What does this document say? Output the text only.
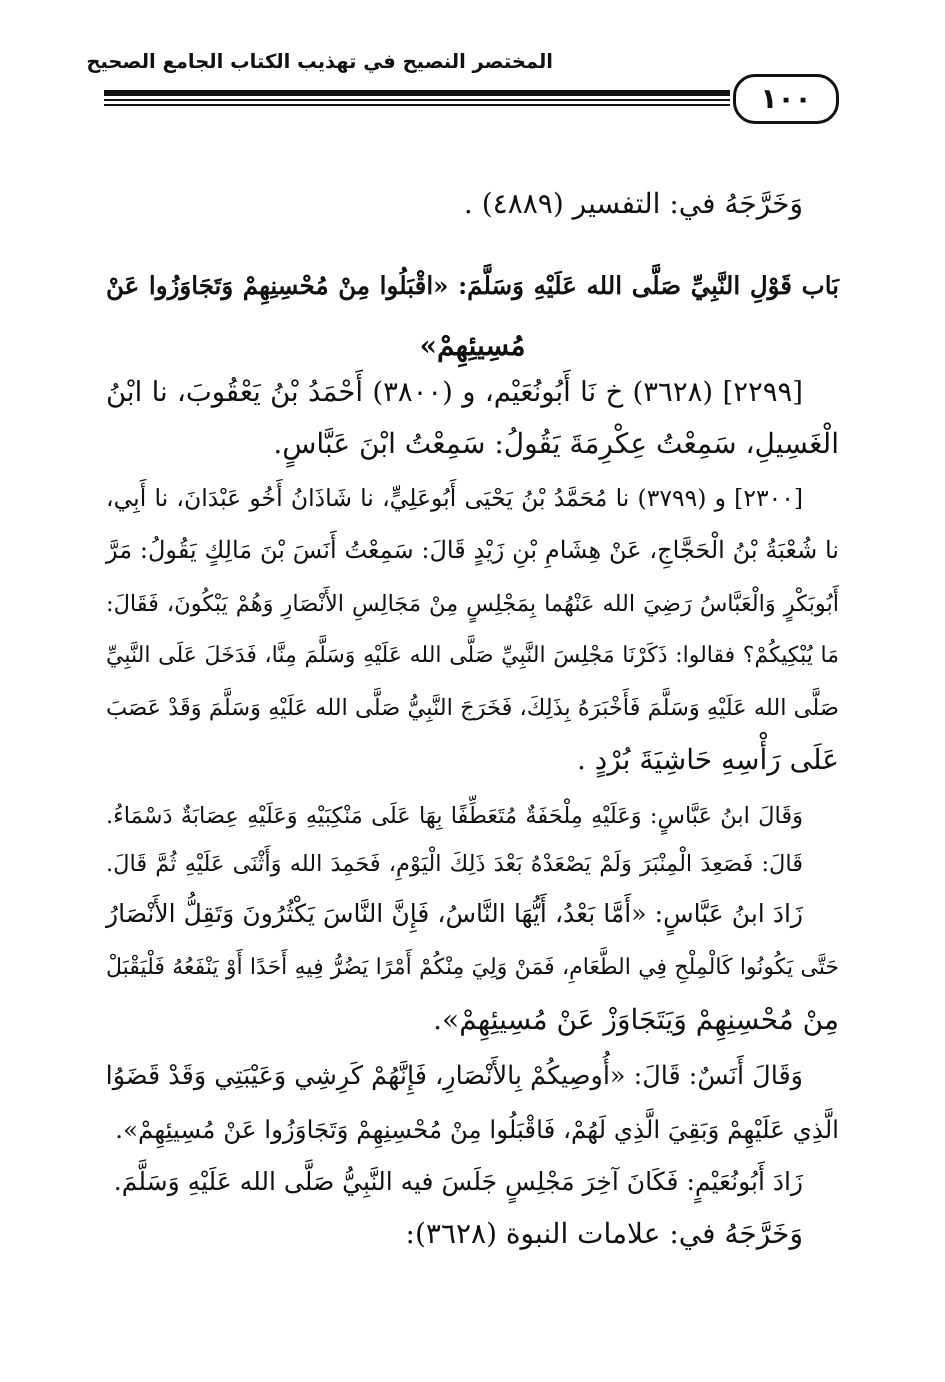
المختصر النصيح في تهذيب الكتاب الجامع الصحيح
١٠٠
وَخَرَّجَهُ في: التفسير (٤٨٨٩) .
بَاب قَوْلِ النَّبِيِّ صَلَّى الله عَلَيْهِ وَسَلَّمَ: «اقْبَلُوا مِنْ مُحْسِنِهِمْ وَتَجَاوَزُوا عَنْ
مُسِيئِهِمْ»
[٢٢٩٩] (٣٦٢٨) خ نَا أَبُونُعَيْم، و (٣٨٠٠) أَحْمَدُ بْنُ يَعْقُوبَ، نا ابْنُ
الْغَسِيلِ، سَمِعْتُ عِكْرِمَةَ يَقُولُ: سَمِعْتُ ابْنَ عَبَّاسٍ.
[٢٣٠٠] و (٣٧٩٩) نا مُحَمَّدُ بْنُ يَحْيَى أَبُوعَلِيٍّ، نا شَاذَانُ أَخُو عَبْدَانَ، نا أَبِي،
نا شُعْبَةُ بْنُ الْحَجَّاجِ، عَنْ هِشَامِ بْنِ زَيْدٍ قَالَ: سَمِعْتُ أَنَسَ بْنَ مَالِكٍ يَقُولُ: مَرَّ
أَبُوبَكْرٍ وَالْعَبَّاسُ رَضِيَ الله عَنْهُما بِمَجْلِسٍ مِنْ مَجَالِسِ الأَنْصَارِ وَهُمْ يَبْكُونَ، فَقَالَ:
مَا يُبْكِيكُمْ؟ فقالوا: ذَكَرْنَا مَجْلِسَ النَّبِيِّ صَلَّى الله عَلَيْهِ وَسَلَّمَ مِنَّا، فَدَخَلَ عَلَى النَّبِيِّ
صَلَّى الله عَلَيْهِ وَسَلَّمَ فَأَخْبَرَهُ بِذَلِكَ، فَخَرَجَ النَّبِيُّ صَلَّى الله عَلَيْهِ وَسَلَّمَ وَقَدْ عَصَبَ
عَلَى رَأْسِهِ حَاشِيَةَ بُرْدٍ .
وَقَالَ ابنُ عَبَّاسٍ: وَعَلَيْهِ مِلْحَفَةٌ مُتَعَطِّفًا بِهَا عَلَى مَنْكِبَيْهِ وَعَلَيْهِ عِصَابَةٌ دَسْمَاءُ.
قَالَ: فَصَعِدَ الْمِنْبَرَ وَلَمْ يَصْعَدْهُ بَعْدَ ذَلِكَ الْيَوْمِ، فَحَمِدَ الله وَأَثْنَى عَلَيْهِ ثُمَّ قَالَ.
زَادَ ابنُ عَبَّاسٍ: «أَمَّا بَعْدُ، أَيُّهَا النَّاسُ، فَإِنَّ النَّاسَ يَكْثُرُونَ وَتَقِلُّ الأَنْصَارُ
حَتَّى يَكُونُوا كَالْمِلْحِ فِي الطَّعَامِ، فَمَنْ وَلِيَ مِنْكُمْ أَمْرًا يَضُرُّ فِيهِ أَحَدًا أَوْ يَنْفَعُهُ فَلْيَقْبَلْ
مِنْ مُحْسِنِهِمْ وَيَتَجَاوَزْ عَنْ مُسِيئِهِمْ».
وَقَالَ أَنَسٌ: قَالَ: «أُوصِيكُمْ بِالأَنْصَارِ، فَإِنَّهُمْ كَرِشِي وَعَيْبَتِي وَقَدْ قَضَوُا
الَّذِي عَلَيْهِمْ وَبَقِيَ الَّذِي لَهُمْ، فَاقْبَلُوا مِنْ مُحْسِنِهِمْ وَتَجَاوَزُوا عَنْ مُسِيئِهِمْ».
زَادَ أَبُونُعَيْمٍ: فَكَانَ آخِرَ مَجْلِسٍ جَلَسَ فيه النَّبِيُّ صَلَّى الله عَلَيْهِ وَسَلَّمَ.
وَخَرَّجَهُ في: علامات النبوة (٣٦٢٨):
